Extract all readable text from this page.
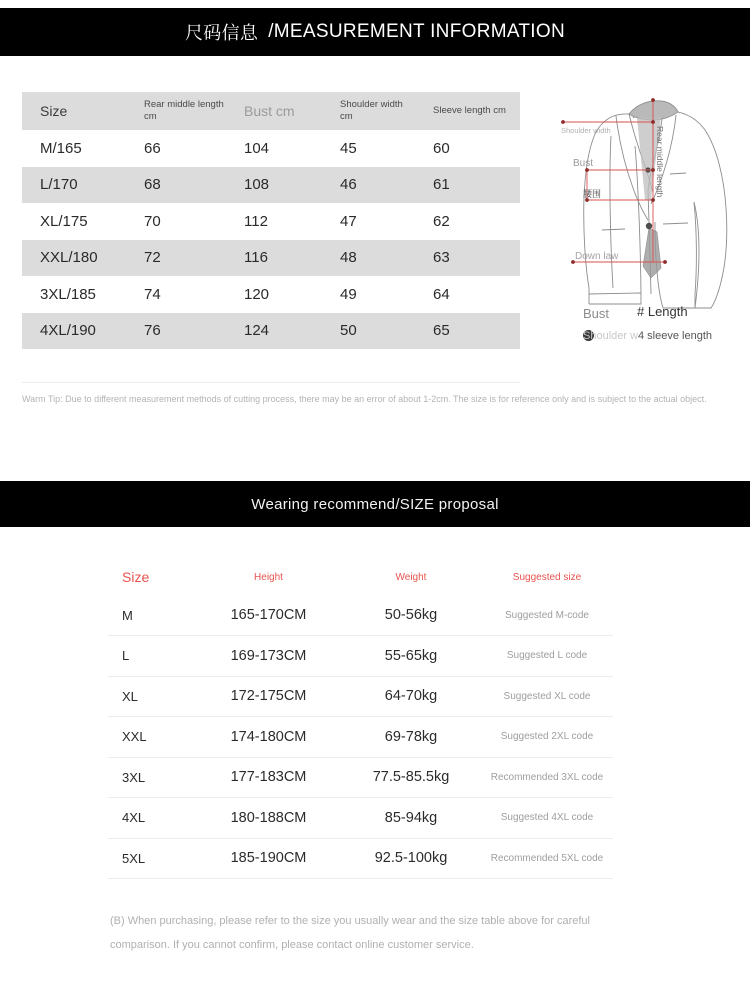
尺码信息 /MEASUREMENT INFORMATION
Size	Rear middle length cm	Bust cm	Shoulder width cm	Sleeve length cm
M/165	66	104	45	60
L/170	68	108	46	61
XL/175	70	112	47	62
XXL/180	72	116	48	63
3XL/185	74	120	49	64
4XL/190	76	124	50	65
Shoulder width
Bust
腰围
Down law
Rear middle length
Bust # Length
Shoulder w 4 sleeve length
Warm Tip: Due to different measurement methods of cutting process, there may be an error of about 1-2cm. The size is for reference only and is subject to the actual object.
Wearing recommend/SIZE proposal
Size	Height	Weight	Suggested size
M	165-170CM	50-56kg	Suggested M-code
L	169-173CM	55-65kg	Suggested L code
XL	172-175CM	64-70kg	Suggested XL code
XXL	174-180CM	69-78kg	Suggested 2XL code
3XL	177-183CM	77.5-85.5kg	Recommended 3XL code
4XL	180-188CM	85-94kg	Suggested 4XL code
5XL	185-190CM	92.5-100kg	Recommended 5XL code
(B) When purchasing, please refer to the size you usually wear and the size table above for careful comparison. If you cannot confirm, please contact online customer service.
